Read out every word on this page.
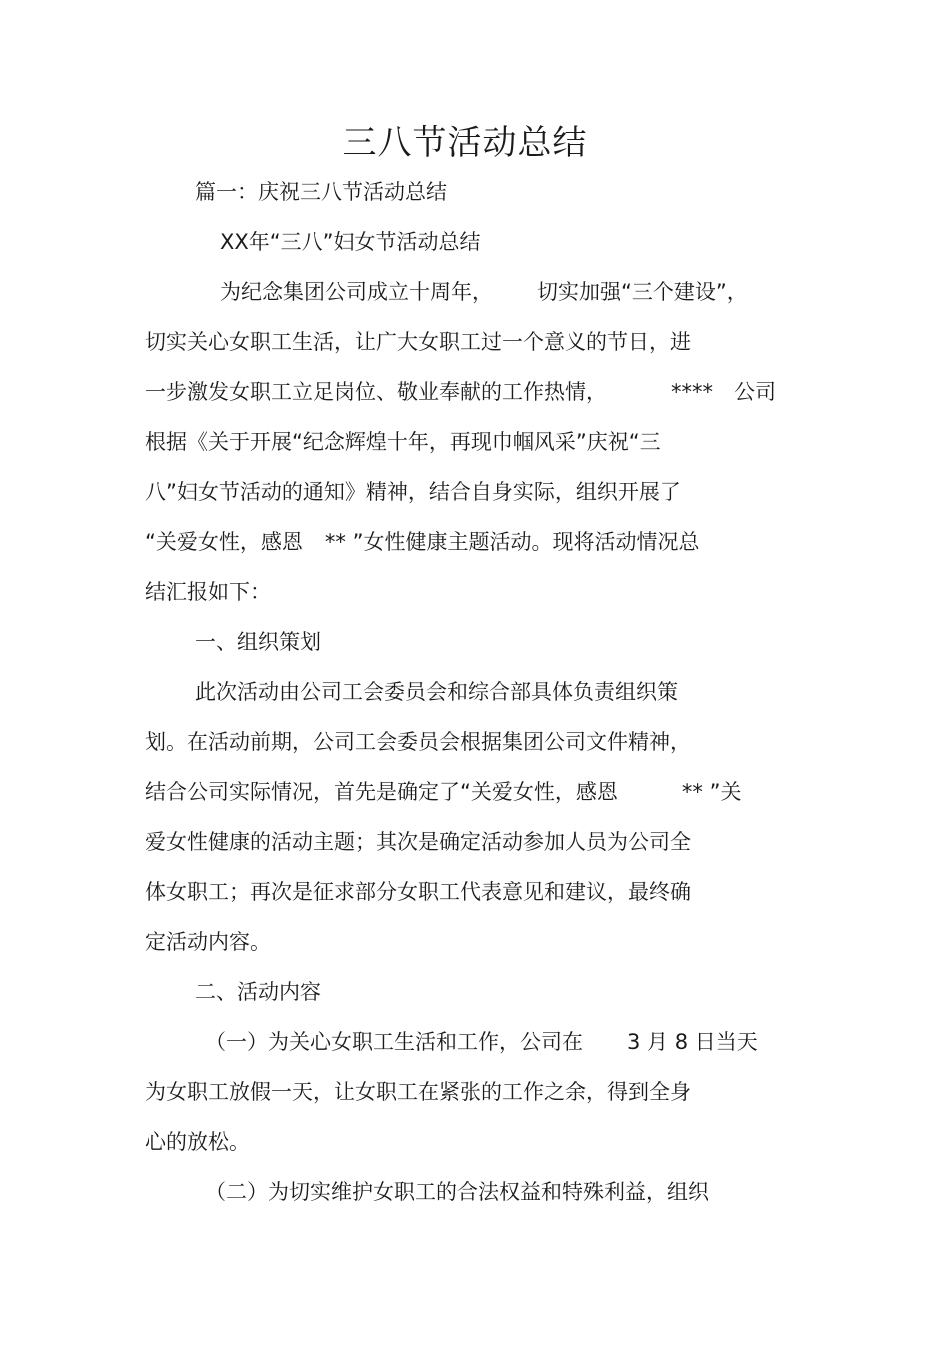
三八节活动总结
篇一：庆祝三八节活动总结
XX年“三八”妇女节活动总结
为纪念集团公司成立十周年， 切实加强“三个建设”，
切实关心女职工生活，让广大女职工过一个意义的节日，进
一步激发女职工立足岗位、敬业奉献的工作热情，	****　公司
根据《关于开展“纪念辉煌十年，再现巾帼风采”庆祝“三
八”妇女节活动的通知》精神，结合自身实际，组织开展了
“关爱女性，感恩 ** ”女性健康主题活动。现将活动情况总
结汇报如下：
一、组织策划
此次活动由公司工会委员会和综合部具体负责组织策
划。在活动前期，公司工会委员会根据集团公司文件精神，
结合公司实际情况，首先是确定了“关爱女性，感恩	** ”关
爱女性健康的活动主题；其次是确定活动参加人员为公司全
体女职工；再次是征求部分女职工代表意见和建议，最终确
定活动内容。
二、活动内容
（一）为关心女职工生活和工作，公司在 3 月 8 日当天
为女职工放假一天，让女职工在紧张的工作之余，得到全身
心的放松。
（二）为切实维护女职工的合法权益和特殊利益，组织
